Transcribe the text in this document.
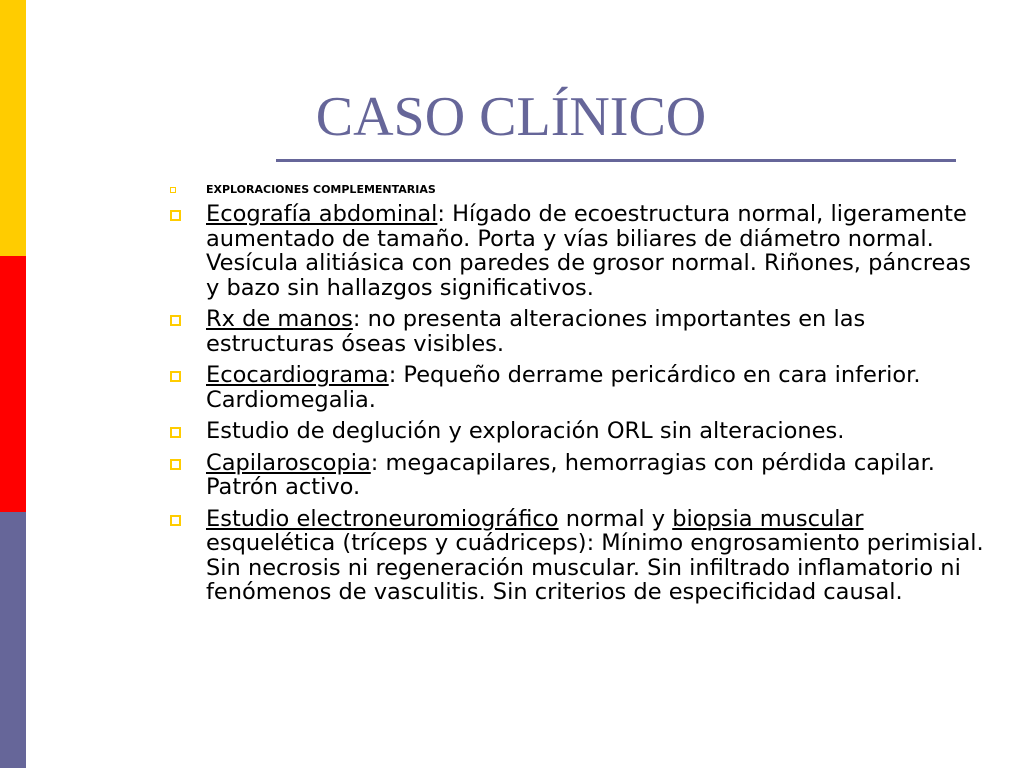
CASO CLÍNICO
EXPLORACIONES COMPLEMENTARIAS
Ecografía abdominal: Hígado de ecoestructura normal, ligeramente aumentado de tamaño. Porta y vías biliares de diámetro normal. Vesícula alitiásica con paredes de grosor normal. Riñones, páncreas y bazo sin hallazgos significativos.
Rx de manos: no presenta alteraciones importantes en las estructuras óseas visibles.
Ecocardiograma: Pequeño derrame pericárdico en cara inferior. Cardiomegalia.
Estudio de deglución y exploración ORL sin alteraciones.
Capilaroscopia: megacapilares, hemorragias con pérdida capilar. Patrón activo.
Estudio electroneuromiográfico normal y biopsia muscular esquelética (tríceps y cuádriceps): Mínimo engrosamiento perimisial. Sin necrosis ni regeneración muscular. Sin infiltrado inflamatorio ni fenómenos de vasculitis. Sin criterios de especificidad causal.
